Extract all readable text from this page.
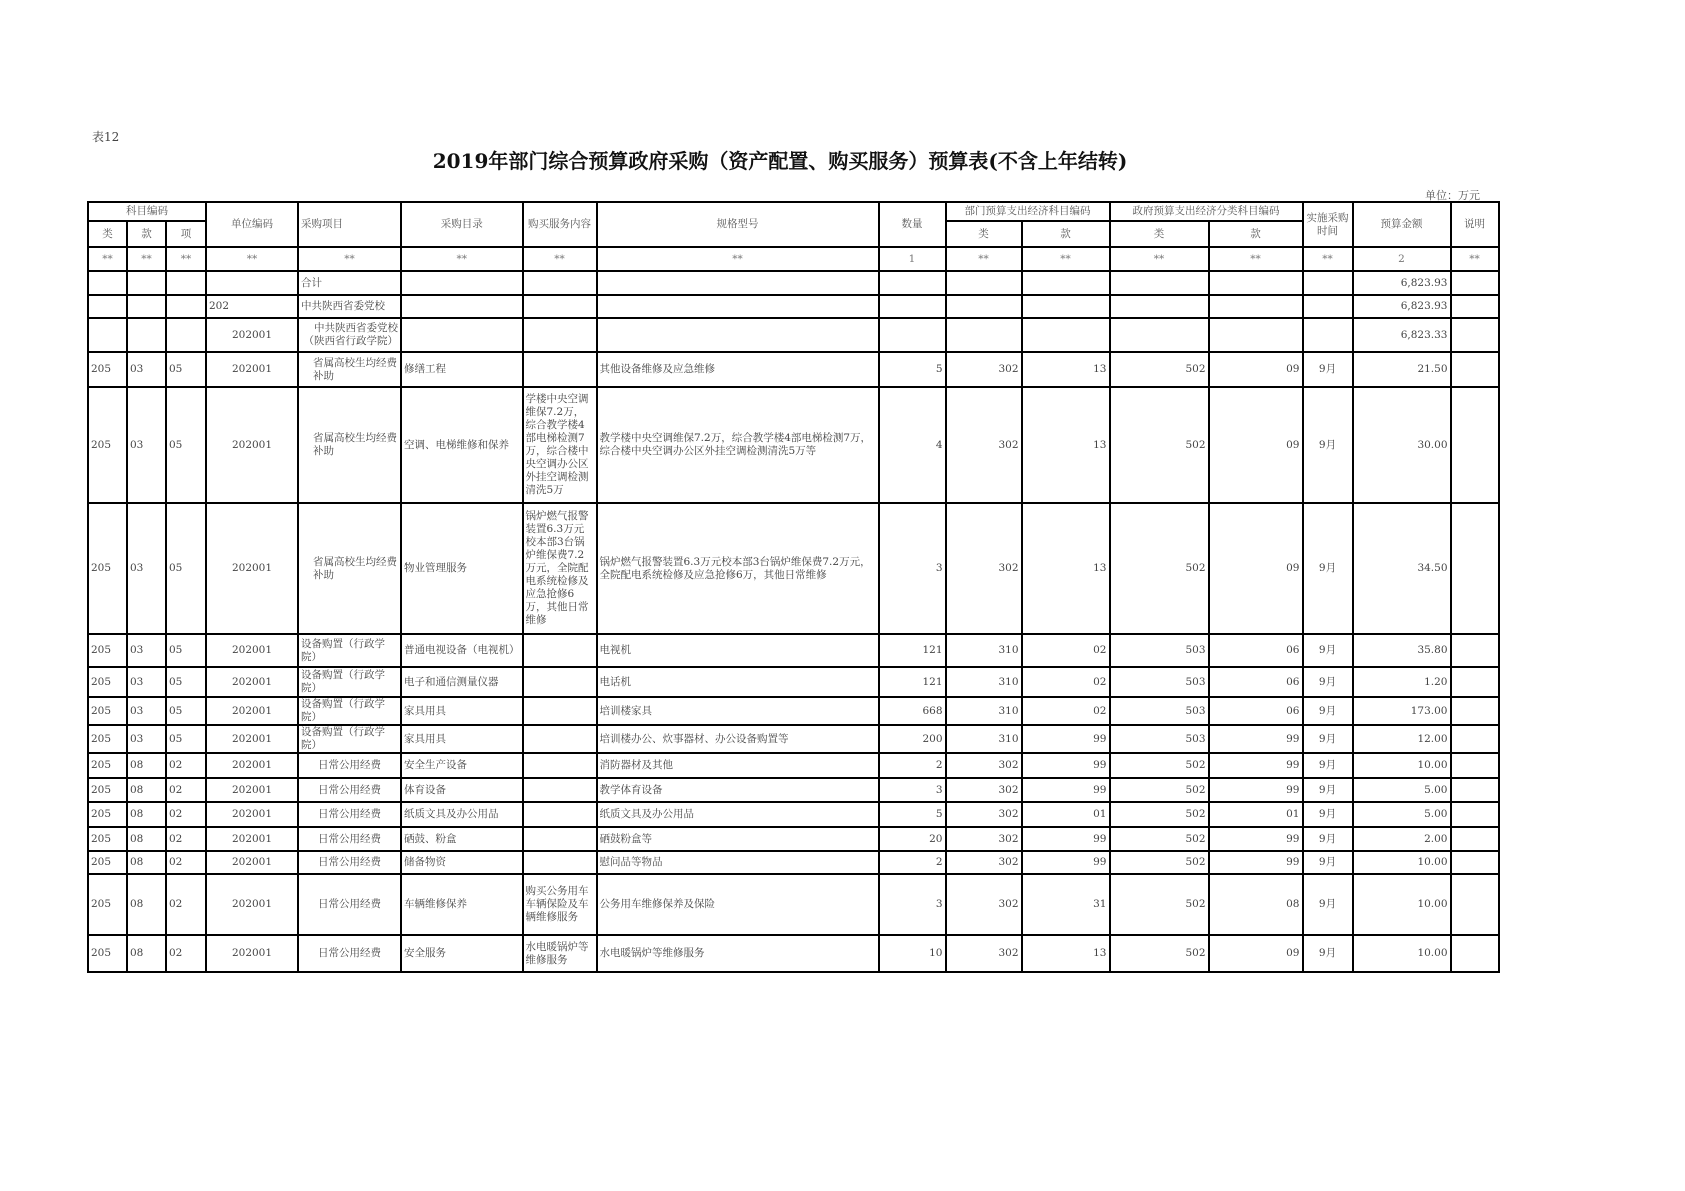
表12
2019年部门综合预算政府采购（资产配置、购买服务）预算表(不含上年结转)
单位：万元
科目编码			单位编码	采购项目	采购目录	购买服务内容	规格型号	数量	部门预算支出经济科目编码		政府预算支出经济分类科目编码		实施采购时间	预算金额	说明
类	款	项							类	款	类	款			
**	**	**	**	**	**	**	**	1	**	**	**	**	**	2	**
				合计										6,823.93	
			202	中共陕西省委党校										6,823.93	
			202001	中共陕西省委党校（陕西省行政学院）										6,823.33	
205	03	05	202001	省属高校生均经费补助	修缮工程		其他设备维修及应急维修	5	302	13	502	09	9月	21.50	
205	03	05	202001	省属高校生均经费补助	空调、电梯维修和保养	学楼中央空调维保7.2万，综合教学楼4部电梯检测7万，综合楼中央空调办公区外挂空调检测清洗5万	教学楼中央空调维保7.2万，综合教学楼4部电梯检测7万，综合楼中央空调办公区外挂空调检测清洗5万等	4	302	13	502	09	9月	30.00	
205	03	05	202001	省属高校生均经费补助	物业管理服务	锅炉燃气报警装置6.3万元校本部3台锅炉维保费7.2万元，全院配电系统检修及应急抢修6万，其他日常维修	锅炉燃气报警装置6.3万元校本部3台锅炉维保费7.2万元，全院配电系统检修及应急抢修6万，其他日常维修	3	302	13	502	09	9月	34.50	
205	03	05	202001	设备购置（行政学院）	普通电视设备（电视机）		电视机	121	310	02	503	06	9月	35.80	
205	03	05	202001	设备购置（行政学院）	电子和通信测量仪器		电话机	121	310	02	503	06	9月	1.20	
205	03	05	202001	设备购置（行政学院）	家具用具		培训楼家具	668	310	02	503	06	9月	173.00	
205	03	05	202001	设备购置（行政学院）	家具用具		培训楼办公、炊事器材、办公设备购置等	200	310	99	503	99	9月	12.00	
205	08	02	202001	日常公用经费	安全生产设备		消防器材及其他	2	302	99	502	99	9月	10.00	
205	08	02	202001	日常公用经费	体育设备		教学体育设备	3	302	99	502	99	9月	5.00	
205	08	02	202001	日常公用经费	纸质文具及办公用品		纸质文具及办公用品	5	302	01	502	01	9月	5.00	
205	08	02	202001	日常公用经费	硒鼓、粉盒		硒鼓粉盒等	20	302	99	502	99	9月	2.00	
205	08	02	202001	日常公用经费	储备物资		慰问品等物品	2	302	99	502	99	9月	10.00	
205	08	02	202001	日常公用经费	车辆维修保养	购买公务用车车辆保险及车辆维修服务	公务用车维修保养及保险	3	302	31	502	08	9月	10.00	
205	08	02	202001	日常公用经费	安全服务	水电暖锅炉等维修服务	水电暖锅炉等维修服务	10	302	13	502	09	9月	10.00	
